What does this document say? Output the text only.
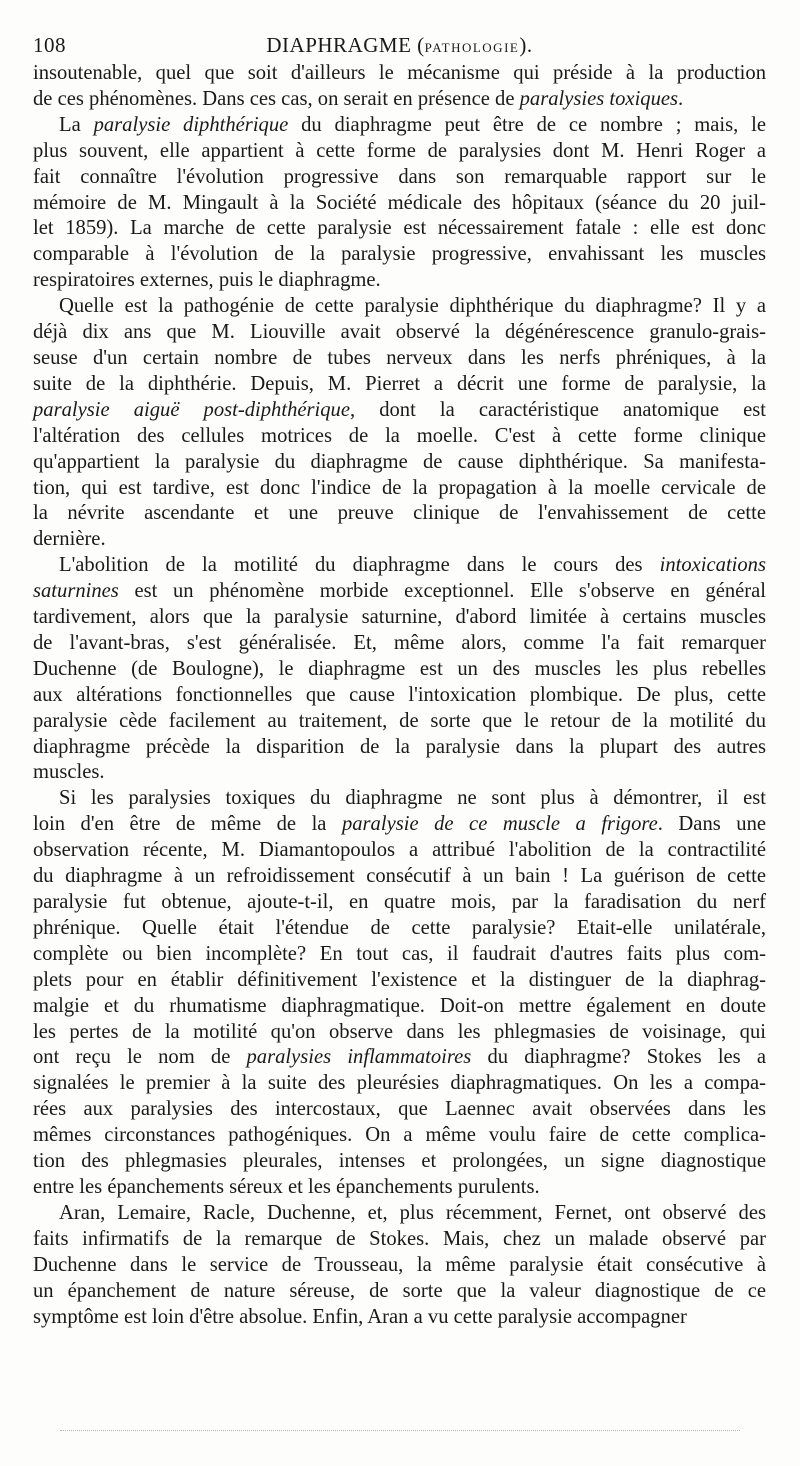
108	DIAPHRAGME (PATHOLOGIE).

insoutenable, quel que soit d'ailleurs le mécanisme qui préside à la production
de ces phénomènes. Dans ces cas, on serait en présence de paralysies toxiques.

La paralysie diphthérique du diaphragme peut être de ce nombre ; mais, le
plus souvent, elle appartient à cette forme de paralysies dont M. Henri Roger a
fait connaître l'évolution progressive dans son remarquable rapport sur le
mémoire de M. Mingault à la Société médicale des hôpitaux (séance du 20 juil-
let 1859). La marche de cette paralysie est nécessairement fatale : elle est donc
comparable à l'évolution de la paralysie progressive, envahissant les muscles
respiratoires externes, puis le diaphragme.

Quelle est la pathogénie de cette paralysie diphthérique du diaphragme? Il y a
déjà dix ans que M. Liouville avait observé la dégénérescence granulo-grais-
seuse d'un certain nombre de tubes nerveux dans les nerfs phréniques, à la
suite de la diphthérie. Depuis, M. Pierret a décrit une forme de paralysie, la
paralysie aiguë post-diphthérique, dont la caractéristique anatomique est
l'altération des cellules motrices de la moelle. C'est à cette forme clinique
qu'appartient la paralysie du diaphragme de cause diphthérique. Sa manifesta-
tion, qui est tardive, est donc l'indice de la propagation à la moelle cervicale de
la névrite ascendante et une preuve clinique de l'envahissement de cette
dernière.

L'abolition de la motilité du diaphragme dans le cours des intoxications
saturnines est un phénomène morbide exceptionnel. Elle s'observe en général
tardivement, alors que la paralysie saturnine, d'abord limitée à certains muscles
de l'avant-bras, s'est généralisée. Et, même alors, comme l'a fait remarquer
Duchenne (de Boulogne), le diaphragme est un des muscles les plus rebelles
aux altérations fonctionnelles que cause l'intoxication plombique. De plus, cette
paralysie cède facilement au traitement, de sorte que le retour de la motilité du
diaphragme précède la disparition de la paralysie dans la plupart des autres
muscles.

Si les paralysies toxiques du diaphragme ne sont plus à démontrer, il est
loin d'en être de même de la paralysie de ce muscle a frigore. Dans une
observation récente, M. Diamantopoulos a attribué l'abolition de la contractilité
du diaphragme à un refroidissement consécutif à un bain ! La guérison de cette
paralysie fut obtenue, ajoute-t-il, en quatre mois, par la faradisation du nerf
phrénique. Quelle était l'étendue de cette paralysie? Etait-elle unilatérale,
complète ou bien incomplète? En tout cas, il faudrait d'autres faits plus com-
plets pour en établir définitivement l'existence et la distinguer de la diaphrag-
malgie et du rhumatisme diaphragmatique. Doit-on mettre également en doute
les pertes de la motilité qu'on observe dans les phlegmasies de voisinage, qui
ont reçu le nom de paralysies inflammatoires du diaphragme? Stokes les a
signalées le premier à la suite des pleurésies diaphragmatiques. On les a compa-
rées aux paralysies des intercostaux, que Laennec avait observées dans les
mêmes circonstances pathogéniques. On a même voulu faire de cette complica-
tion des phlegmasies pleurales, intenses et prolongées, un signe diagnostique
entre les épanchements séreux et les épanchements purulents.

Aran, Lemaire, Racle, Duchenne, et, plus récemment, Fernet, ont observé des
faits infirmatifs de la remarque de Stokes. Mais, chez un malade observé par
Duchenne dans le service de Trousseau, la même paralysie était consécutive à
un épanchement de nature séreuse, de sorte que la valeur diagnostique de ce
symptôme est loin d'être absolue. Enfin, Aran a vu cette paralysie accompagner
